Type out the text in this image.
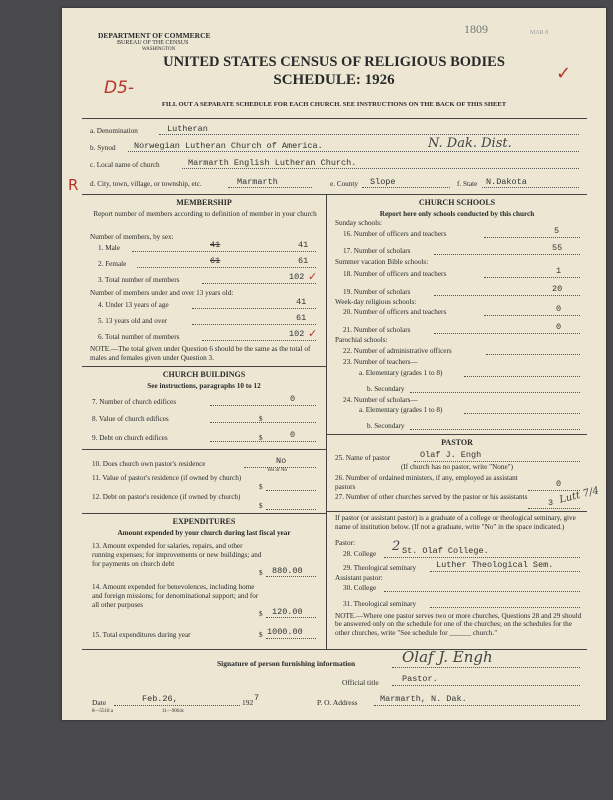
DEPARTMENT OF COMMERCE
BUREAU OF THE CENSUS
WASHINGTON
1809	MAR 8
UNITED STATES CENSUS OF RELIGIOUS BODIES
SCHEDULE: 1926
D5-
✓
FILL OUT A SEPARATE SCHEDULE FOR EACH CHURCH. SEE INSTRUCTIONS ON THE BACK OF THIS SHEET
a. Denomination	Lutheran
b. Synod Norwegian Lutheran Church of America.	N. Dak. Dist.
c. Local name of church	Marmarth English Lutheran Church.
R d. City, town, village, or township, etc.	Marmarth	e. County Slope	f. State N.Dakota
MEMBERSHIP
Report number of members according to definition of member in your church
Number of members, by sex:
1. Male	41	41
2. Female	61	61
3. Total number of members	102 ✓
Number of members under and over 13 years old:
4. Under 13 years of age	41
5. 13 years old and over	61
6. Total number of members	102 ✓
NOTE.—The total given under Question 6 should be the same as the total of males and females given under Question 3.
CHURCH BUILDINGS
See instructions, paragraphs 10 to 12
7. Number of church edifices	0
8. Value of church edifices	$
9. Debt on church edifices	$	0
10. Does church own pastor's residence	No
Yes or No
11. Value of pastor's residence (if owned by church)
$
12. Debt on pastor's residence (if owned by church)
$
EXPENDITURES
Amount expended by your church during last fiscal year
13. Amount expended for salaries, repairs, and other running expenses; for improvements or new buildings; and for payments on church debt
$ 880.00
14. Amount expended for benevolences, including home and foreign missions; for denominational support; and for all other purposes
$ 120.00
15. Total expenditures during year	$ 1000.00
CHURCH SCHOOLS
Report here only schools conducted by this church
Sunday schools:
16. Number of officers and teachers	5
17. Number of scholars	55
Summer vacation Bible schools:
18. Number of officers and teachers	1
19. Number of scholars	20
Week-day religious schools:
20. Number of officers and teachers	0
21. Number of scholars	0
Parochial schools:
22. Number of administrative officers
23. Number of teachers—
a. Elementary (grades 1 to 8)
b. Secondary
24. Number of scholars—
a. Elementary (grades 1 to 8)
b. Secondary
PASTOR
25. Name of pastor	Olaf J. Engh
(If church has no pastor, write "None")
26. Number of ordained ministers, if any, employed as assistant pastors	0
27. Number of other churches served by the pastor or his assistants
3 Lutt 7/4
If pastor (or assistant pastor) is a graduate of a college or theological seminary, give name of institution below. (If not a graduate, write "No" in the space indicated.)
Pastor:
28. College 2 St. Olaf College.
29. Theological seminary Luther Theological Sem.
Assistant pastor:
30. College
31. Theological seminary
NOTE.—Where one pastor serves two or more churches, Questions 28 and 29 should be answered only on the schedule for one of the churches; on the schedules for the other churches, write "See schedule for ______ church."
Signature of person furnishing information	Olaf J. Engh
Official title	Pastor.
Date	Feb.26,	192 7	P. O. Address	Marmarth, N. Dak.
8—5518 a	11—9064c
